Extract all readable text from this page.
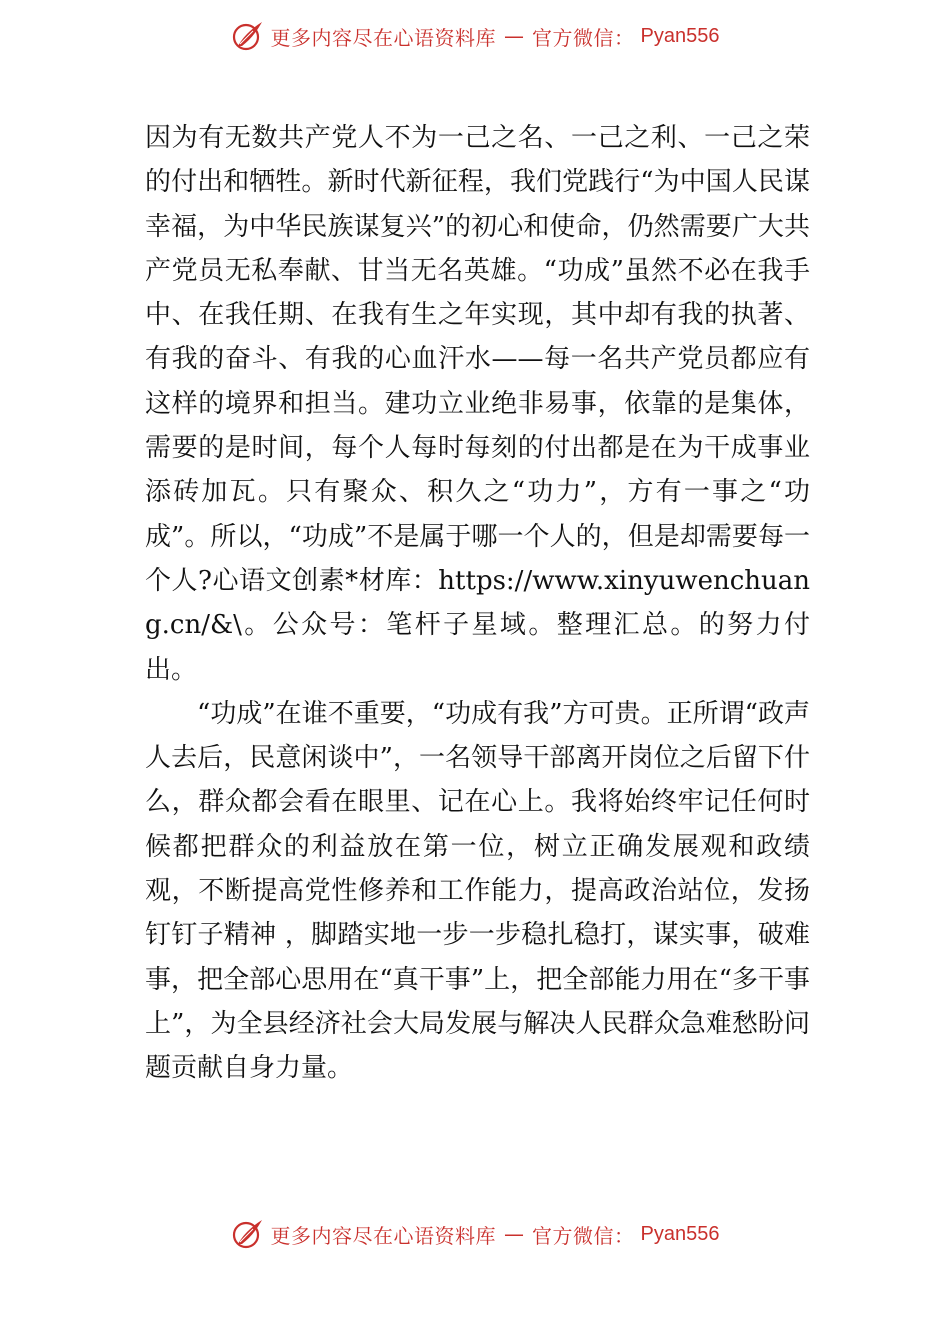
更多内容尽在心语资料库 — 官方微信： Pyan556

因为有无数共产党人不为一己之名、一己之利、一己之荣的付出和牺牲。新时代新征程，我们党践行“为中国人民谋幸福，为中华民族谋复兴”的初心和使命，仍然需要广大共产党员无私奉献、甘当无名英雄。“功成”虽然不必在我手中、在我任期、在我有生之年实现，其中却有我的执著、有我的奋斗、有我的心血汗水——每一名共产党员都应有这样的境界和担当。建功立业绝非易事，依靠的是集体，需要的是时间，每个人每时每刻的付出都是在为干成事业添砖加瓦。只有聚众、积久之“功力”，方有一事之“功成”。所以，“功成”不是属于哪一个人的，但是却需要每一个人?心语文创素*材库：https://www.xinyuwenchuang.cn/&\。公众号：笔杆子星域。整理汇总。的努力付出。

“功成”在谁不重要，“功成有我”方可贵。正所谓“政声人去后，民意闲谈中”，一名领导干部离开岗位之后留下什么，群众都会看在眼里、记在心上。我将始终牢记任何时候都把群众的利益放在第一位，树立正确发展观和政绩观，不断提高党性修养和工作能力，提高政治站位，发扬钉钉子精神 ，脚踏实地一步一步稳扎稳打，谋实事，破难事，把全部心思用在“真干事”上，把全部能力用在“多干事上”，为全县经济社会大局发展与解决人民群众急难愁盼问题贡献自身力量。

更多内容尽在心语资料库 — 官方微信： Pyan556
